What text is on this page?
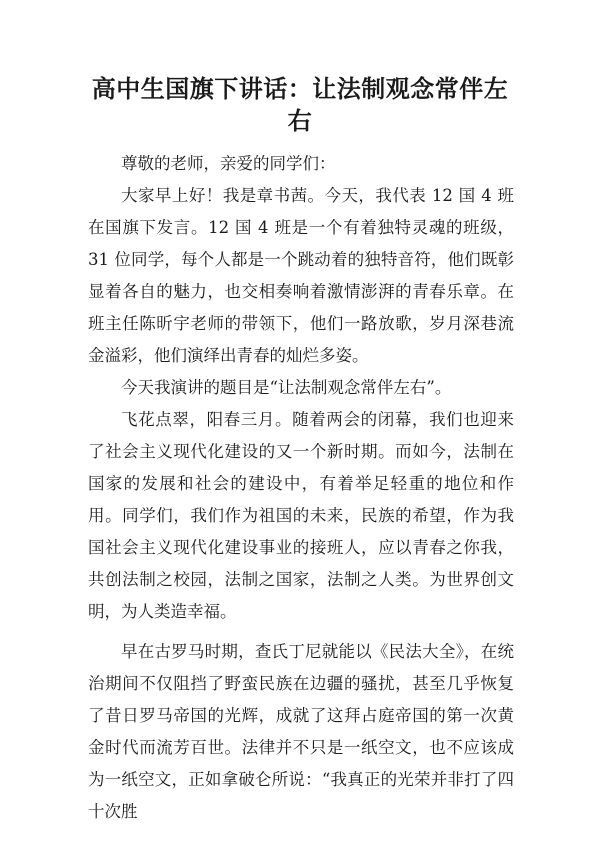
高中生国旗下讲话：让法制观念常伴左右

尊敬的老师，亲爱的同学们：

大家早上好！我是章书茜。今天，我代表 12 国 4 班在国旗下发言。12 国 4 班是一个有着独特灵魂的班级，31 位同学，每个人都是一个跳动着的独特音符，他们既彰显着各自的魅力，也交相奏响着激情澎湃的青春乐章。在班主任陈昕宇老师的带领下，他们一路放歌，岁月深巷流金溢彩，他们演绎出青春的灿烂多姿。

今天我演讲的题目是“让法制观念常伴左右”。

飞花点翠，阳春三月。随着两会的闭幕，我们也迎来了社会主义现代化建设的又一个新时期。而如今，法制在国家的发展和社会的建设中，有着举足轻重的地位和作用。同学们，我们作为祖国的未来，民族的希望，作为我国社会主义现代化建设事业的接班人，应以青春之你我，共创法制之校园，法制之国家，法制之人类。为世界创文明，为人类造幸福。

早在古罗马时期，查氏丁尼就能以《民法大全》，在统治期间不仅阻挡了野蛮民族在边疆的骚扰，甚至几乎恢复了昔日罗马帝国的光辉，成就了这拜占庭帝国的第一次黄金时代而流芳百世。法律并不只是一纸空文，也不应该成为一纸空文，正如拿破仑所说：“我真正的光荣并非打了四十次胜
